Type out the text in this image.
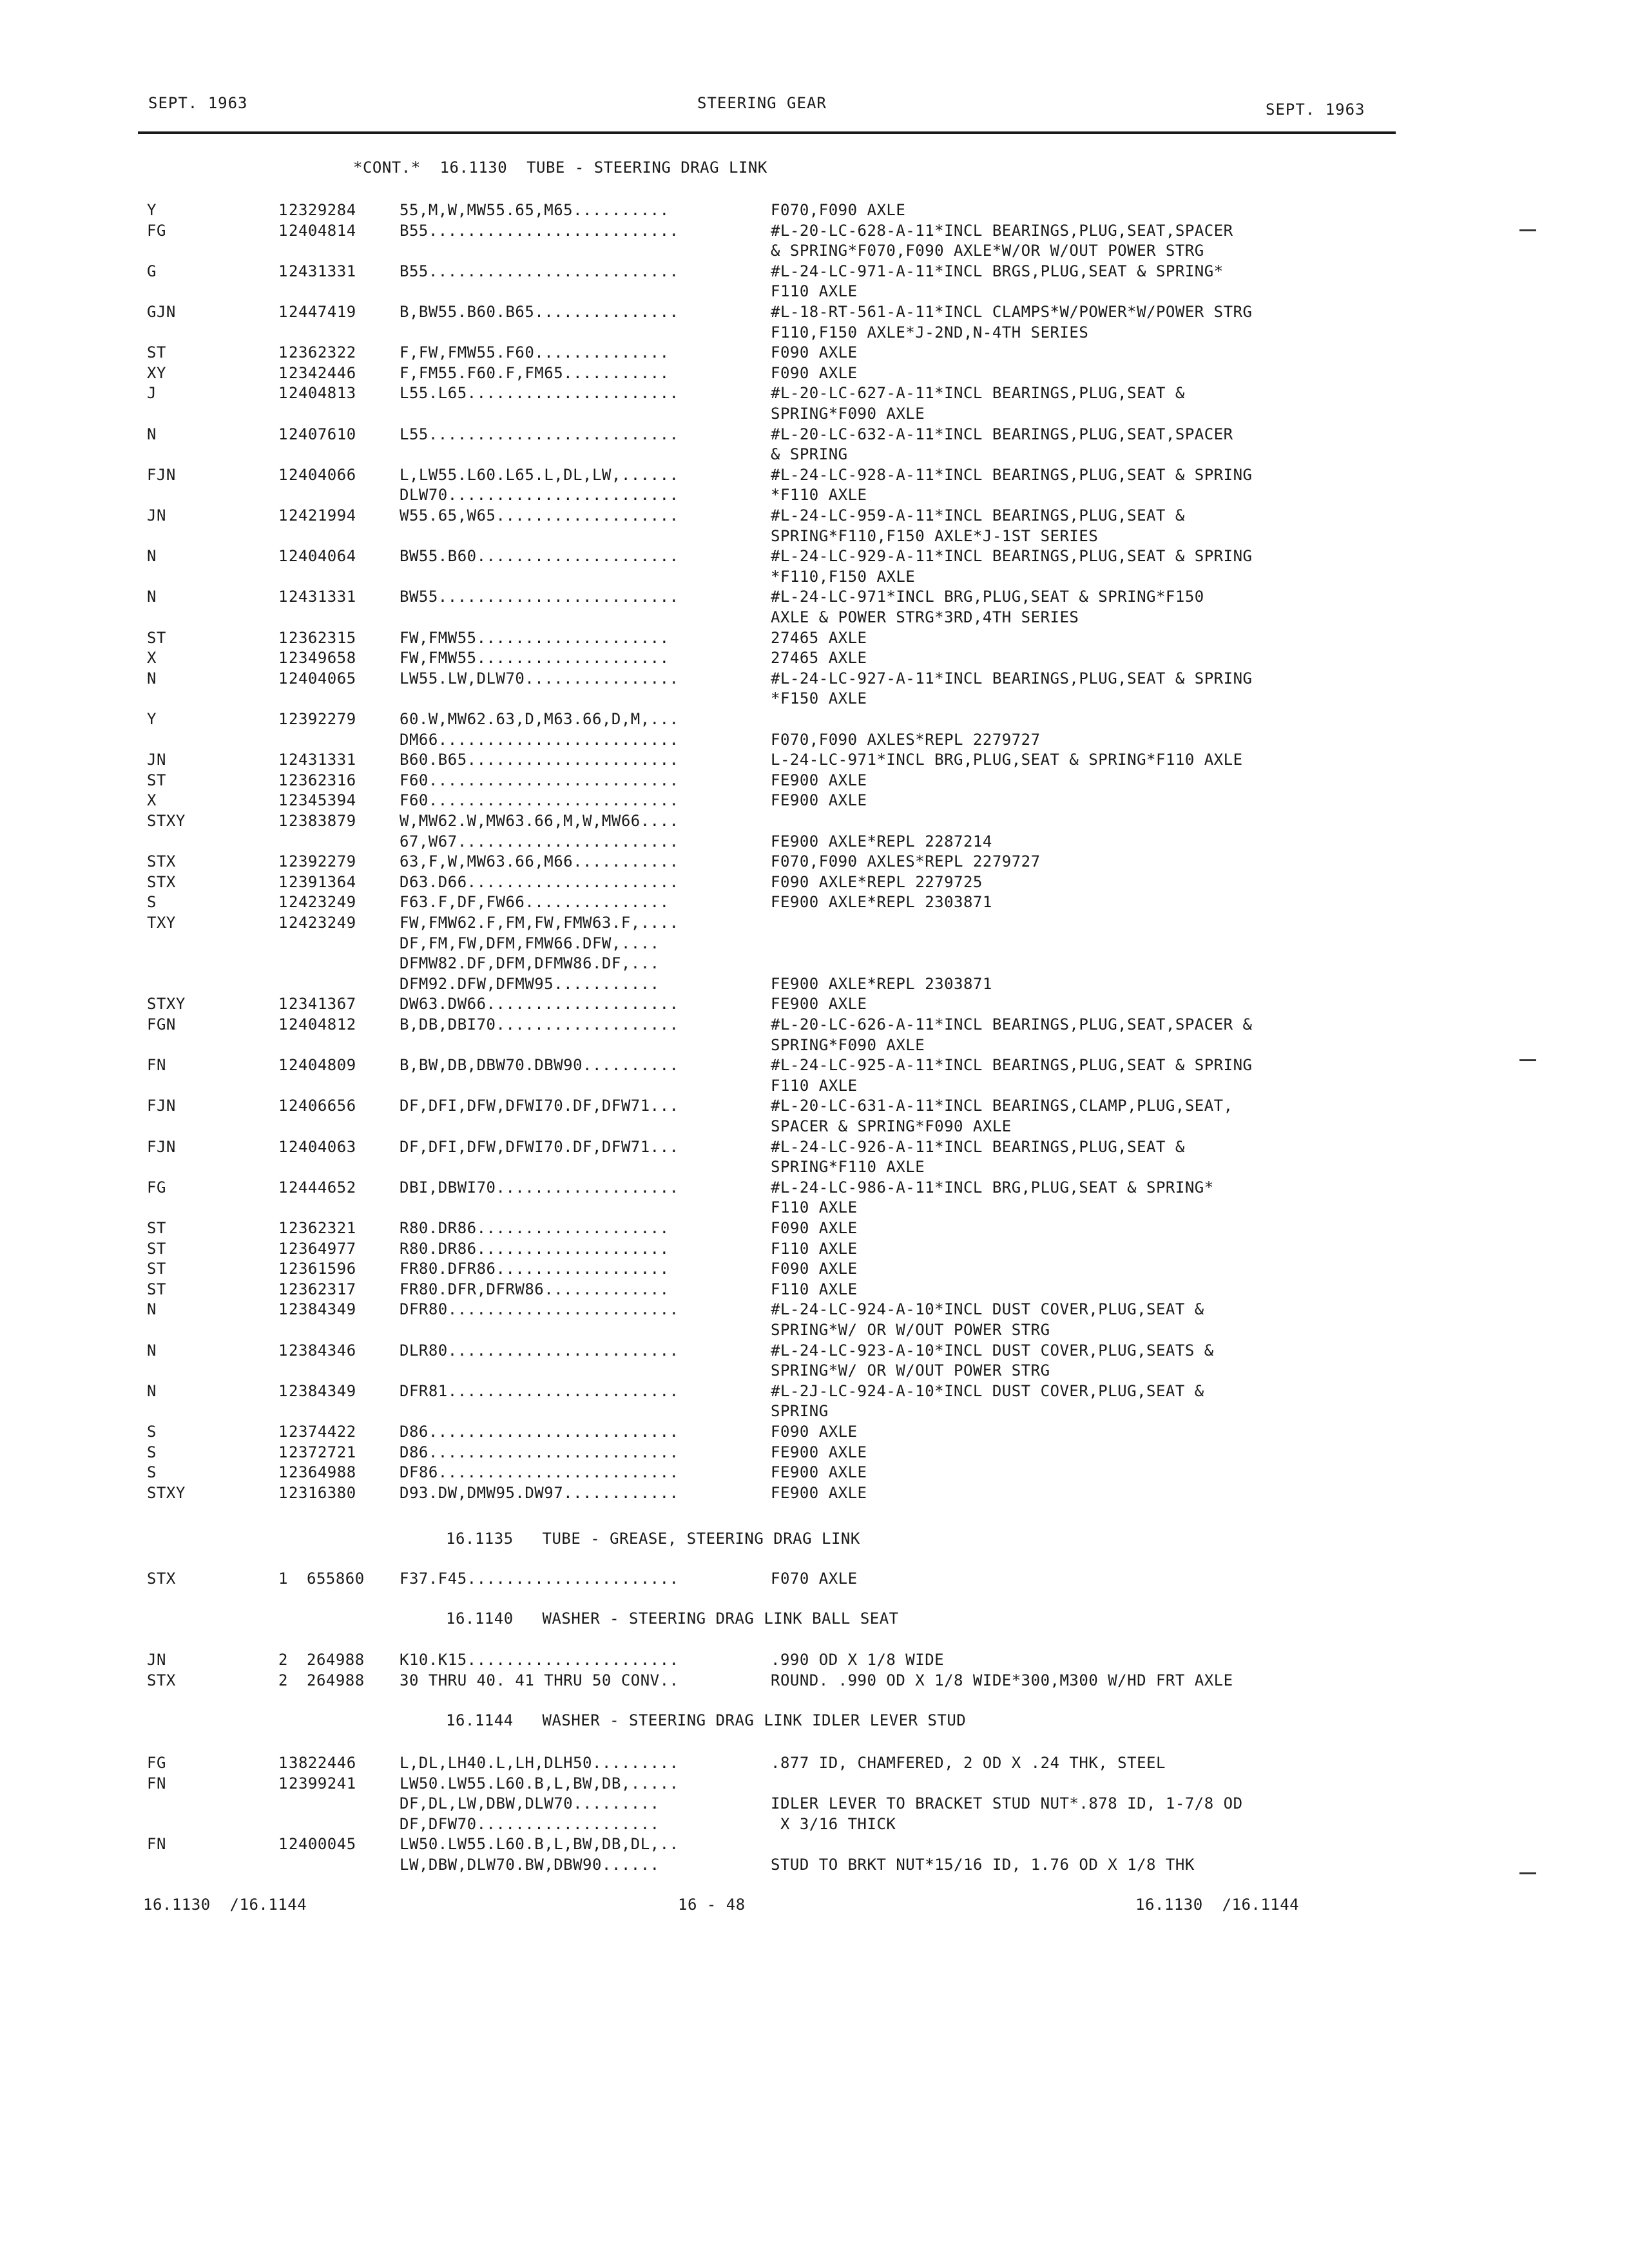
SEPT. 1963	STEERING GEAR	SEPT. 1963
*CONT.*  16.1130  TUBE - STEERING DRAG LINK
Y	1 2329284	55,M,W,MW55.65,M65..........	F070,F090 AXLE
FG	1 2404814	B55..........................	#L-20-LC-628-A-11*INCL BEARINGS,PLUG,SEAT,SPACER
& SPRING*F070,F090 AXLE*W/OR W/OUT POWER STRG
G	1 2431331	B55..........................	#L-24-LC-971-A-11*INCL BRGS,PLUG,SEAT & SPRING*
F110 AXLE
GJN	1 2447419	B,BW55.B60.B65...............	#L-18-RT-561-A-11*INCL CLAMPS*W/POWER*W/POWER STRG
F110,F150 AXLE*J-2ND,N-4TH SERIES
ST	1 2362322	F,FW,FMW55.F60..............	F090 AXLE
XY	1 2342446	F,FM55.F60.F,FM65...........	F090 AXLE
J	1 2404813	L55.L65......................	#L-20-LC-627-A-11*INCL BEARINGS,PLUG,SEAT &
SPRING*F090 AXLE
N	1 2407610	L55..........................	#L-20-LC-632-A-11*INCL BEARINGS,PLUG,SEAT,SPACER
& SPRING
FJN	1 2404066	L,LW55.L60.L65.L,DL,LW,......	#L-24-LC-928-A-11*INCL BEARINGS,PLUG,SEAT & SPRING
DLW70........................	*F110 AXLE
JN	1 2421994	W55.65,W65...................	#L-24-LC-959-A-11*INCL BEARINGS,PLUG,SEAT &
SPRING*F110,F150 AXLE*J-1ST SERIES
N	1 2404064	BW55.B60.....................	#L-24-LC-929-A-11*INCL BEARINGS,PLUG,SEAT & SPRING
*F110,F150 AXLE
N	1 2431331	BW55.........................	#L-24-LC-971*INCL BRG,PLUG,SEAT & SPRING*F150
AXLE & POWER STRG*3RD,4TH SERIES
ST	1 2362315	FW,FMW55....................	27465 AXLE
X	1 2349658	FW,FMW55....................	27465 AXLE
N	1 2404065	LW55.LW,DLW70................	#L-24-LC-927-A-11*INCL BEARINGS,PLUG,SEAT & SPRING
*F150 AXLE
Y	1 2392279	60.W,MW62.63,D,M63.66,D,M,...
DM66.........................	F070,F090 AXLES*REPL 2279727
JN	1 2431331	B60.B65......................	L-24-LC-971*INCL BRG,PLUG,SEAT & SPRING*F110 AXLE
ST	1 2362316	F60..........................	FE900 AXLE
X	1 2345394	F60..........................	FE900 AXLE
STXY	1 2383879	W,MW62.W,MW63.66,M,W,MW66....
67,W67.......................	FE900 AXLE*REPL 2287214
STX	1 2392279	63,F,W,MW63.66,M66...........	F070,F090 AXLES*REPL 2279727
STX	1 2391364	D63.D66......................	F090 AXLE*REPL 2279725
S	1 2423249	F63.F,DF,FW66...............	FE900 AXLE*REPL 2303871
TXY	1 2423249	FW,FMW62.F,FM,FW,FMW63.F,....
DF,FM,FW,DFM,FMW66.DFW,....
DFMW82.DF,DFM,DFMW86.DF,...
DFM92.DFW,DFMW95...........	FE900 AXLE*REPL 2303871
STXY	1 2341367	DW63.DW66....................	FE900 AXLE
FGN	1 2404812	B,DB,DBI70...................	#L-20-LC-626-A-11*INCL BEARINGS,PLUG,SEAT,SPACER &
SPRING*F090 AXLE
FN	1 2404809	B,BW,DB,DBW70.DBW90..........	#L-24-LC-925-A-11*INCL BEARINGS,PLUG,SEAT & SPRING
F110 AXLE
FJN	1 2406656	DF,DFI,DFW,DFWI70.DF,DFW71...	#L-20-LC-631-A-11*INCL BEARINGS,CLAMP,PLUG,SEAT,
SPACER & SPRING*F090 AXLE
FJN	1 2404063	DF,DFI,DFW,DFWI70.DF,DFW71...	#L-24-LC-926-A-11*INCL BEARINGS,PLUG,SEAT &
SPRING*F110 AXLE
FG	1 2444652	DBI,DBWI70...................	#L-24-LC-986-A-11*INCL BRG,PLUG,SEAT & SPRING*
F110 AXLE
ST	1 2362321	R80.DR86....................	F090 AXLE
ST	1 2364977	R80.DR86....................	F110 AXLE
ST	1 2361596	FR80.DFR86..................	F090 AXLE
ST	1 2362317	FR80.DFR,DFRW86.............	F110 AXLE
N	1 2384349	DFR80........................	#L-24-LC-924-A-10*INCL DUST COVER,PLUG,SEAT &
SPRING*W/ OR W/OUT POWER STRG
N	1 2384346	DLR80........................	#L-24-LC-923-A-10*INCL DUST COVER,PLUG,SEATS &
SPRING*W/ OR W/OUT POWER STRG
N	1 2384349	DFR81........................	#L-2J-LC-924-A-10*INCL DUST COVER,PLUG,SEAT &
SPRING
S	1 2374422	D86..........................	F090 AXLE
S	1 2372721	D86..........................	FE900 AXLE
S	1 2364988	DF86.........................	FE900 AXLE
STXY	1 2316380	D93.DW,DMW95.DW97............	FE900 AXLE
16.1135   TUBE - GREASE, STEERING DRAG LINK
STX	1 655860 F37.F45......................	F070 AXLE
16.1140   WASHER - STEERING DRAG LINK BALL SEAT
JN	2 264988 K10.K15......................	.990 OD X 1/8 WIDE
STX	2 264988 30 THRU 40. 41 THRU 50 CONV..	ROUND. .990 OD X 1/8 WIDE*300,M300 W/HD FRT AXLE
16.1144   WASHER - STEERING DRAG LINK IDLER LEVER STUD
FG	1 3822446	L,DL,LH40.L,LH,DLH50.........	.877 ID, CHAMFERED, 2 OD X .24 THK, STEEL
FN	1 2399241	LW50.LW55.L60.B,L,BW,DB,.....
DF,DL,LW,DBW,DLW70.........	IDLER LEVER TO BRACKET STUD NUT*.878 ID, 1-7/8 OD
DF,DFW70...................	X 3/16 THICK
FN	1 2400045	LW50.LW55.L60.B,L,BW,DB,DL,..
LW,DBW,DLW70.BW,DBW90......	STUD TO BRKT NUT*15/16 ID, 1.76 OD X 1/8 THK
16.1130  /16.1144	16 - 48	16.1130  /16.1144
